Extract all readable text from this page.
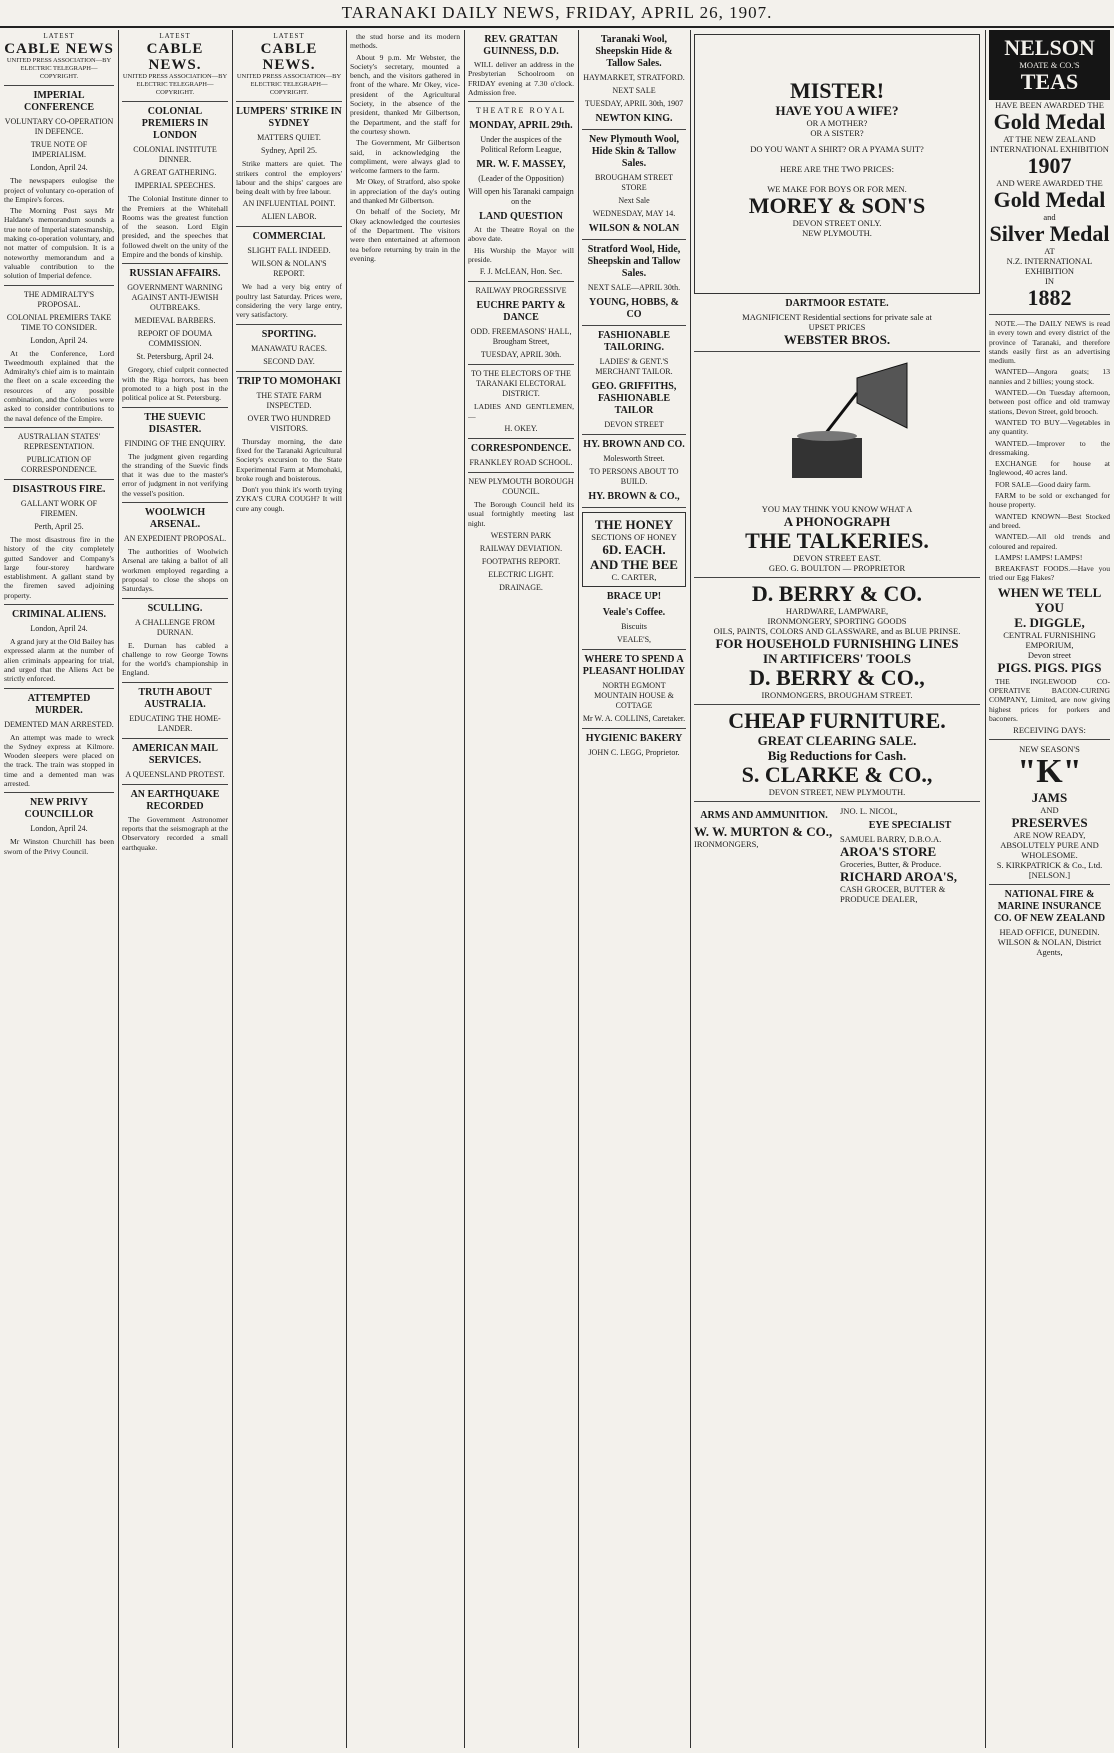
TARANAKI DAILY NEWS, FRIDAY, APRIL 26, 1907.
LATEST
CABLE NEWS
UNITED PRESS ASSOCIATION—BY ELECTRIC TELEGRAPH—COPYRIGHT.
IMPERIAL CONFERENCE
VOLUNTARY CO-OPERATION IN DEFENCE.
TRUE NOTE OF IMPERIALISM.
London, April 24.

The newspapers eulogise the project of voluntary co-operation of the Empire's forces.

The Morning Post says Mr Haldane's memorandum sounds a true note of Imperial statesmanship, making co-operation voluntary, and not matter of compulsion. It is a noteworthy memorandum and a valuable contribution to the solution of Imperial defence.

THE ADMIRALTY'S PROPOSAL.
COLONIAL PREMIERS TAKE TIME TO CONSIDER.
London, April 24.

At the Conference, Lord Tweedmouth explained that the Admiralty's chief aim is to maintain the fleet on a scale exceeding the resources of any possible combination, and the Colonies were asked to consider contributions to the naval defence of the Empire.

AUSTRALIAN STATES' REPRESENTATION.
PUBLICATION OF CORRESPONDENCE.
DISASTROUS FIRE.
GALLANT WORK OF FIREMEN.
Perth, April 25.

The most disastrous fire in the history of the city completely gutted Sandover and Company's large four-storey hardware establishment. A gallant stand by the firemen saved adjoining property.

CRIMINAL ALIENS.
London, April 24.

A grand jury at the Old Bailey has expressed alarm at the number of alien criminals appearing for trial, and urged that the Aliens Act be strictly enforced.

ATTEMPTED MURDER.
DEMENTED MAN ARRESTED.

An attempt was made to wreck the Sydney express at Kilmore. Wooden sleepers were placed on the track. The train was stopped in time and a demented man was arrested.

NEW PRIVY COUNCILLOR
London, April 24.

Mr Winston Churchill has been sworn of the Privy Council.

LATEST
CABLE NEWS.
UNITED PRESS ASSOCIATION—BY ELECTRIC TELEGRAPH—COPYRIGHT.
COLONIAL PREMIERS IN LONDON
COLONIAL INSTITUTE DINNER.
A GREAT GATHERING.
IMPERIAL SPEECHES.

The Colonial Institute dinner to the Premiers at the Whitehall Rooms was the greatest function of the season. Lord Elgin presided, and the speeches that followed dwelt on the unity of the Empire and the bonds of kinship.

RUSSIAN AFFAIRS.
GOVERNMENT WARNING AGAINST ANTI-JEWISH OUTBREAKS.
MEDIEVAL BARBERS.
REPORT OF DOUMA COMMISSION.
St. Petersburg, April 24.

Gregory, chief culprit connected with the Riga horrors, has been promoted to a high post in the political police at St. Petersburg.

THE SUEVIC DISASTER.
FINDING OF THE ENQUIRY.

The judgment given regarding the stranding of the Suevic finds that it was due to the master's error of judgment in not verifying the vessel's position.

WOOLWICH ARSENAL.
AN EXPEDIENT PROPOSAL.

The authorities of Woolwich Arsenal are taking a ballot of all workmen employed regarding a proposal to close the shops on Saturdays.

SCULLING.
A CHALLENGE FROM DURNAN.

E. Durnan has cabled a challenge to row George Towns for the world's championship in England.

TRUTH ABOUT AUSTRALIA.
EDUCATING THE HOME-LANDER.
AMERICAN MAIL SERVICES.
A QUEENSLAND PROTEST.
AN EARTHQUAKE RECORDED

The Government Astronomer reports that the seismograph at the Observatory recorded a small earthquake.

LATEST
CABLE NEWS.
UNITED PRESS ASSOCIATION—BY ELECTRIC TELEGRAPH—COPYRIGHT.
LUMPERS' STRIKE IN SYDNEY
MATTERS QUIET.
Sydney, April 25.

Strike matters are quiet. The strikers control the employers' labour and the ships' cargoes are being dealt with by free labour.

AN INFLUENTIAL POINT.
ALIEN LABOR.
COMMERCIAL
SLIGHT FALL INDEED.
WILSON & NOLAN'S REPORT.

We had a very big entry of poultry last Saturday. Prices were, considering the very large entry, very satisfactory.

SPORTING.
MANAWATU RACES.
SECOND DAY.
TRIP TO MOMOHAKI
THE STATE FARM INSPECTED.
OVER TWO HUNDRED VISITORS.

Thursday morning, the date fixed for the Taranaki Agricultural Society's excursion to the State Experimental Farm at Momohaki, broke rough and boisterous.

Don't you think it's worth trying ZYKA'S CURA COUGH? It will cure any cough.

the stud horse and its modern methods.

About 9 p.m. Mr Webster, the Society's secretary, mounted a bench, and the visitors gathered in front of the whare. Mr Okey, vice-president of the Agricultural Society, in the absence of the president, thanked Mr Gilbertson, the Department, and the staff for the courtesy shown.

The Government, Mr Gilbertson said, in acknowledging the compliment, were always glad to welcome farmers to the farm.

Mr Okey, of Stratford, also spoke in appreciation of the day's outing and thanked Mr Gilbertson.

On behalf of the Society, Mr Okey acknowledged the courtesies of the Department. The visitors were then entertained at afternoon tea before returning by train in the evening.

REV. GRATTAN GUINNESS, D.D.

WILL deliver an address in the Presbyterian Schoolroom on FRIDAY evening at 7.30 o'clock. Admission free.

THEATRE ROYAL
MONDAY, APRIL 29th.
Under the auspices of the Political Reform League,
MR. W. F. MASSEY,
(Leader of the Opposition)
Will open his Taranaki campaign on the
LAND QUESTION

At the Theatre Royal on the above date.

His Worship the Mayor will preside.

F. J. McLEAN, Hon. Sec.
RAILWAY PROGRESSIVE
EUCHRE PARTY & DANCE
ODD. FREEMASONS' HALL, Brougham Street,
TUESDAY, APRIL 30th.
TO THE ELECTORS OF THE TARANAKI ELECTORAL DISTRICT.

LADIES AND GENTLEMEN,—

H. OKEY.
CORRESPONDENCE.
FRANKLEY ROAD SCHOOL.
NEW PLYMOUTH BOROUGH COUNCIL.

The Borough Council held its usual fortnightly meeting last night.

WESTERN PARK
RAILWAY DEVIATION.
FOOTPATHS REPORT.
ELECTRIC LIGHT.
DRAINAGE.
Taranaki Wool, Sheepskin Hide & Tallow Sales.
HAYMARKET, STRATFORD.
NEXT SALE
TUESDAY, APRIL 30th, 1907
NEWTON KING.
New Plymouth Wool, Hide Skin & Tallow Sales.
BROUGHAM STREET STORE
Next Sale
WEDNESDAY, MAY 14.
WILSON & NOLAN
Stratford Wool, Hide, Sheepskin and Tallow Sales.
NEXT SALE—APRIL 30th.
YOUNG, HOBBS, & CO
FASHIONABLE TAILORING.
LADIES' & GENT.'S MERCHANT TAILOR.
GEO. GRIFFITHS, FASHIONABLE TAILOR
DEVON STREET
HY. BROWN AND CO.
Molesworth Street.
TO PERSONS ABOUT TO BUILD.
HY. BROWN & CO.,
THE HONEY
SECTIONS OF HONEY
6D. EACH.
AND THE BEE
C. CARTER,
BRACE UP!
Veale's Coffee.
Biscuits
VEALE'S,
WHERE TO SPEND A PLEASANT HOLIDAY
NORTH EGMONT MOUNTAIN HOUSE & COTTAGE
Mr W. A. COLLINS, Caretaker.
HYGIENIC BAKERY
JOHN C. LEGG, Proprietor.
MISTER!
HAVE YOU A WIFE?
OR A MOTHER?
OR A SISTER?
DO YOU WANT A SHIRT? OR A PYAMA SUIT?
HERE ARE THE TWO PRICES:
WE MAKE FOR BOYS OR FOR MEN.
MOREY & SON'S
DEVON STREET ONLY.
NEW PLYMOUTH.
DARTMOOR ESTATE.
MAGNIFICENT Residential sections for private sale at
UPSET PRICES
WEBSTER BROS.
YOU MAY THINK YOU KNOW WHAT A
A PHONOGRAPH
THE TALKERIES.
DEVON STREET EAST.
GEO. G. BOULTON — PROPRIETOR
D. BERRY & CO.
HARDWARE, LAMPWARE,
IRONMONGERY, SPORTING GOODS
OILS, PAINTS, COLORS AND GLASSWARE, and as BLUE PRINSE.
FOR HOUSEHOLD FURNISHING LINES
IN ARTIFICERS' TOOLS
D. BERRY & CO.,
IRONMONGERS, BROUGHAM STREET.
CHEAP FURNITURE.
GREAT CLEARING SALE.
Big Reductions for Cash.
S. CLARKE & CO.,
DEVON STREET, NEW PLYMOUTH.
ARMS AND AMMUNITION.
W. W. MURTON & CO.,
IRONMONGERS,
JNO. L. NICOL,
EYE SPECIALIST
SAMUEL BARRY, D.B.O.A.
AROA'S STORE
Groceries, Butter, & Produce.
RICHARD AROA'S,
CASH GROCER, BUTTER & PRODUCE DEALER,
NELSON
MOATE & CO.'S
TEAS
HAVE BEEN AWARDED THE
Gold Medal
AT THE NEW ZEALAND INTERNATIONAL EXHIBITION
1907
AND WERE AWARDED THE
Gold Medal
and
Silver Medal
AT
N.Z. INTERNATIONAL EXHIBITION
IN
1882

NOTE.—The DAILY NEWS is read in every town and every district of the province of Taranaki, and therefore stands easily first as an advertising medium.

WANTED—Angora goats; 13 nannies and 2 billies; young stock.

WANTED.—On Tuesday afternoon, between post office and old tramway stations, Devon Street, gold brooch.

WANTED TO BUY—Vegetables in any quantity.

WANTED.—Improver to the dressmaking.

EXCHANGE for house at Inglewood, 40 acres land.

FOR SALE—Good dairy farm.

FARM to be sold or exchanged for house property.

WANTED KNOWN—Best Stocked and breed.

WANTED.—All old trends and coloured and repaired.

LAMPS! LAMPS! LAMPS!

BREAKFAST FOODS.—Have you tried our Egg Flakes?

WHEN WE TELL YOU
E. DIGGLE,
CENTRAL FURNISHING EMPORIUM,
Devon street
PIGS. PIGS. PIGS

THE INGLEWOOD CO-OPERATIVE BACON-CURING COMPANY, Limited, are now giving highest prices for porkers and baconers.

RECEIVING DAYS:
NEW SEASON'S
"K"
JAMS
AND
PRESERVES
ARE NOW READY,
ABSOLUTELY PURE AND WHOLESOME.
S. KIRKPATRICK & Co., Ltd.
[NELSON.]
NATIONAL FIRE & MARINE INSURANCE CO. OF NEW ZEALAND
HEAD OFFICE, DUNEDIN.
WILSON & NOLAN, District Agents,
